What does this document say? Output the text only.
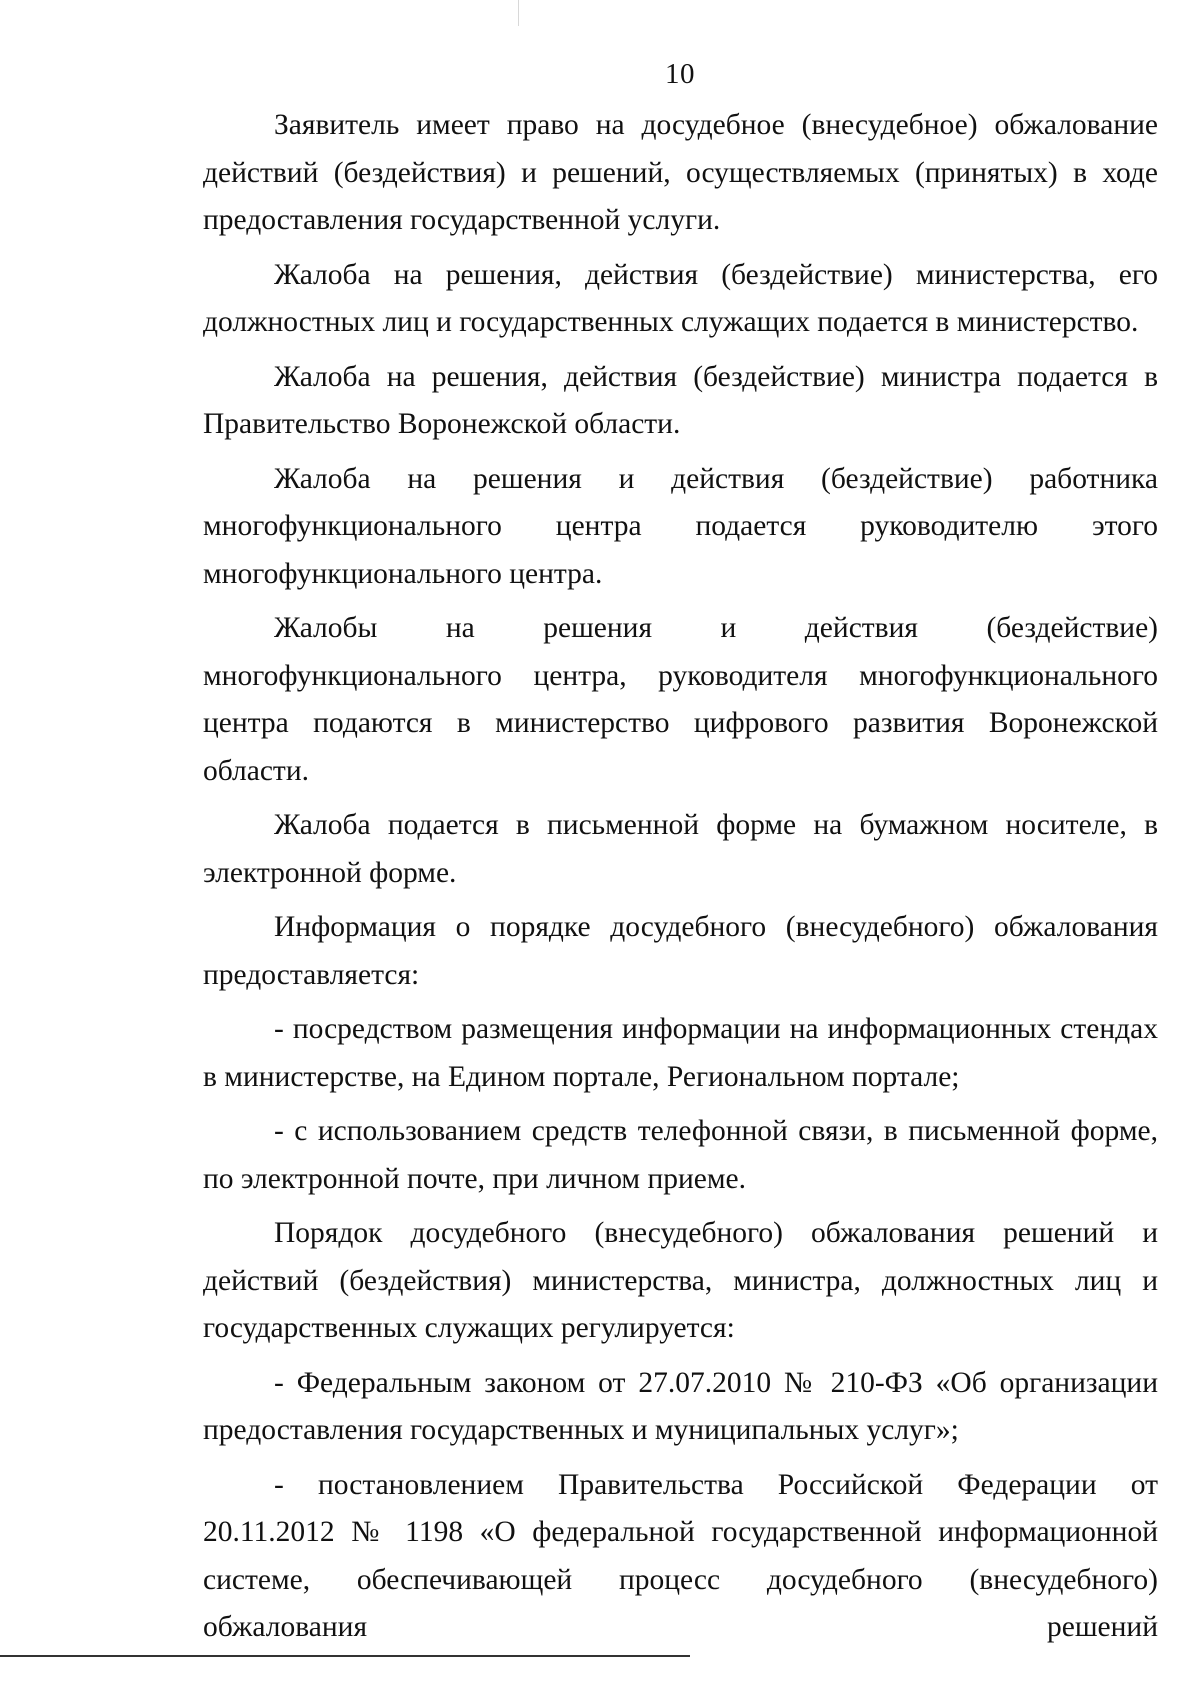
10

Заявитель имеет право на досудебное (внесудебное) обжалование действий (бездействия) и решений, осуществляемых (принятых) в ходе предоставления государственной услуги.

Жалоба на решения, действия (бездействие) министерства, его должностных лиц и государственных служащих подается в министерство.

Жалоба на решения, действия (бездействие) министра подается в Правительство Воронежской области.

Жалоба на решения и действия (бездействие) работника многофункционального центра подается руководителю этого многофункционального центра.

Жалобы на решения и действия (бездействие) многофункционального центра, руководителя многофункционального центра подаются в министерство цифрового развития Воронежской области.

Жалоба подается в письменной форме на бумажном носителе, в электронной форме.

Информация о порядке досудебного (внесудебного) обжалования предоставляется:

- посредством размещения информации на информационных стендах в министерстве, на Едином портале, Региональном портале;

- с использованием средств телефонной связи, в письменной форме, по электронной почте, при личном приеме.

Порядок досудебного (внесудебного) обжалования решений и действий (бездействия) министерства, министра, должностных лиц и государственных служащих регулируется:

- Федеральным законом от 27.07.2010 № 210-ФЗ «Об организации предоставления государственных и муниципальных услуг»;

- постановлением Правительства Российской Федерации от 20.11.2012 № 1198 «О федеральной государственной информационной системе, обеспечивающей процесс досудебного (внесудебного) обжалования решений
